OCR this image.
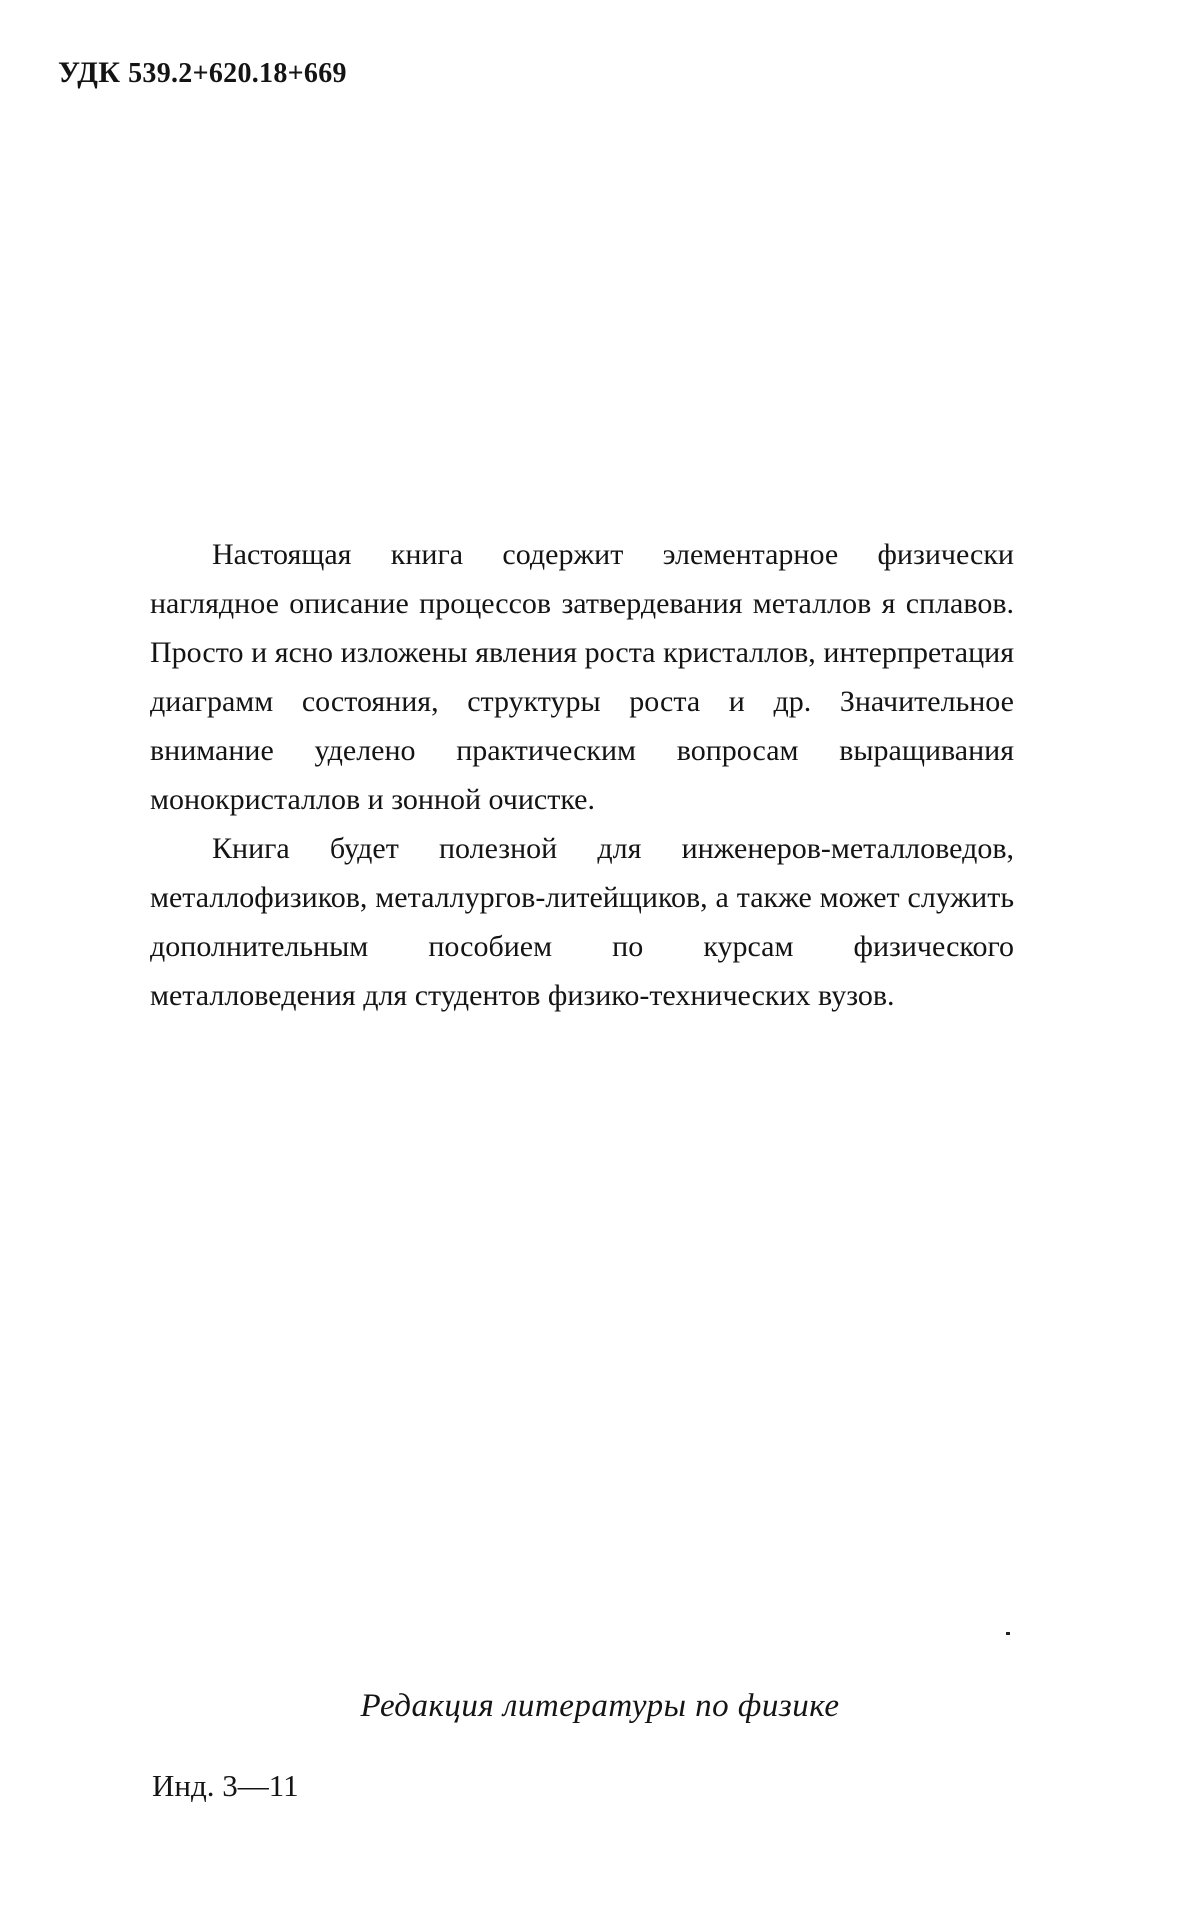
УДК 539.2+620.18+669

Настоящая книга содержит элементарное физически наглядное описание процессов затвердевания металлов я сплавов. Просто и ясно изложены явления роста кристаллов, интерпретация диаграмм состояния, структуры роста и др. Значительное внимание уделено практическим вопросам выращивания монокристаллов и зонной очистке.

Книга будет полезной для инженеров-металловедов, металлофизиков, металлургов-литейщиков, а также может служить дополнительным пособием по курсам физического металловедения для студентов физико-технических вузов.

Редакция литературы по физике
Инд. 3—11
